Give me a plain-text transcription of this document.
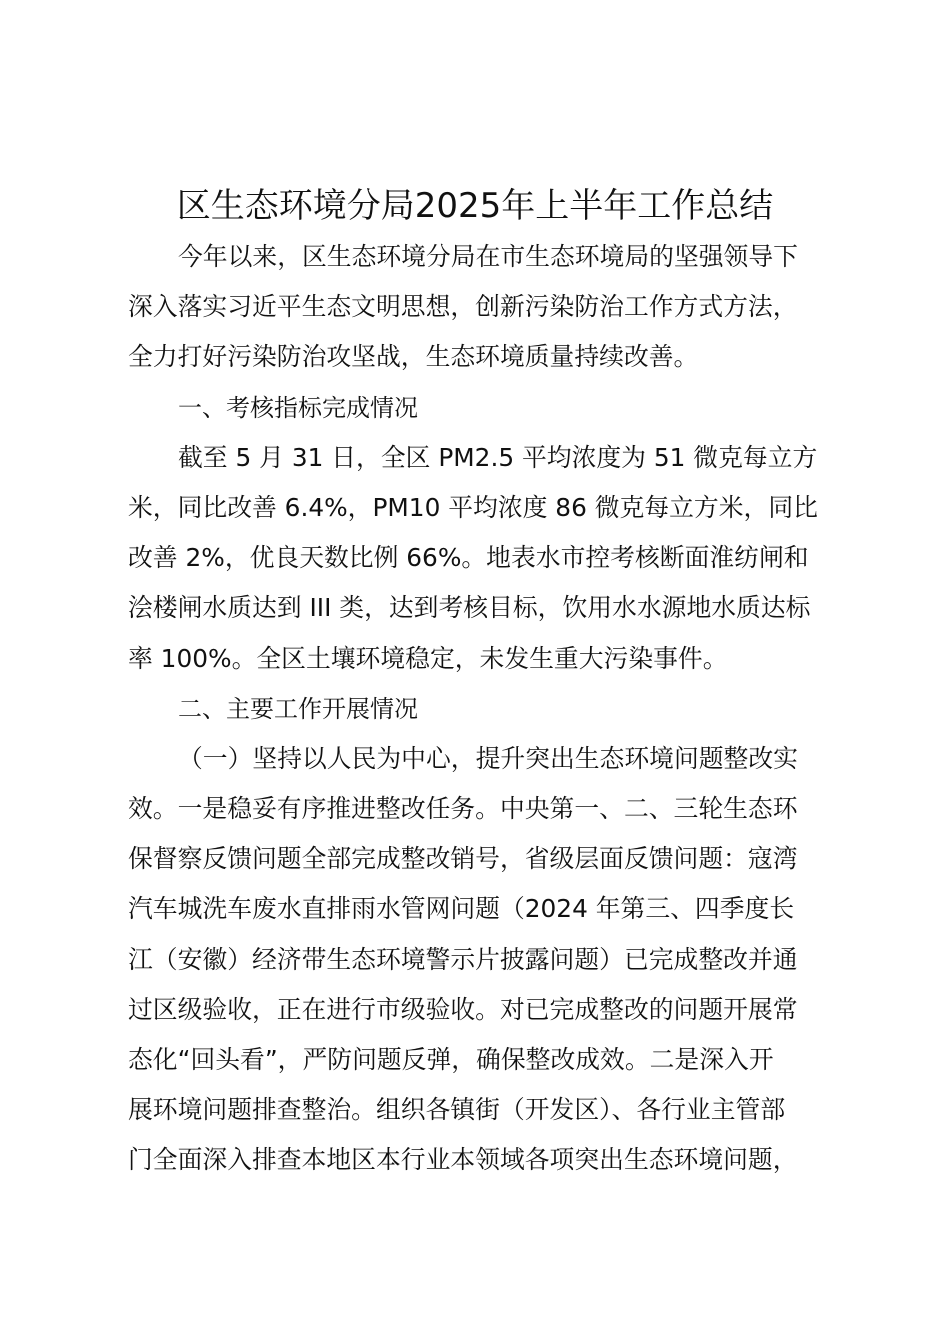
区生态环境分局2025年上半年工作总结
今年以来，区生态环境分局在市生态环境局的坚强领导下
深入落实习近平生态文明思想，创新污染防治工作方式方法，
全力打好污染防治攻坚战，生态环境质量持续改善。
一、考核指标完成情况
截至 5 月 31 日，全区 PM2.5 平均浓度为 51 微克每立方
米，同比改善 6.4%，PM10 平均浓度 86 微克每立方米，同比
改善 2%，优良天数比例 66%。地表水市控考核断面淮纺闸和
浍楼闸水质达到 III 类，达到考核目标，饮用水水源地水质达标
率 100%。全区土壤环境稳定，未发生重大污染事件。
二、主要工作开展情况
（一）坚持以人民为中心，提升突出生态环境问题整改实
效。一是稳妥有序推进整改任务。中央第一、二、三轮生态环
保督察反馈问题全部完成整改销号，省级层面反馈问题：寇湾
汽车城洗车废水直排雨水管网问题（2024 年第三、四季度长
江（安徽）经济带生态环境警示片披露问题）已完成整改并通
过区级验收，正在进行市级验收。对已完成整改的问题开展常
态化“回头看”，严防问题反弹，确保整改成效。二是深入开
展环境问题排查整治。组织各镇街（开发区）、各行业主管部
门全面深入排查本地区本行业本领域各项突出生态环境问题，
